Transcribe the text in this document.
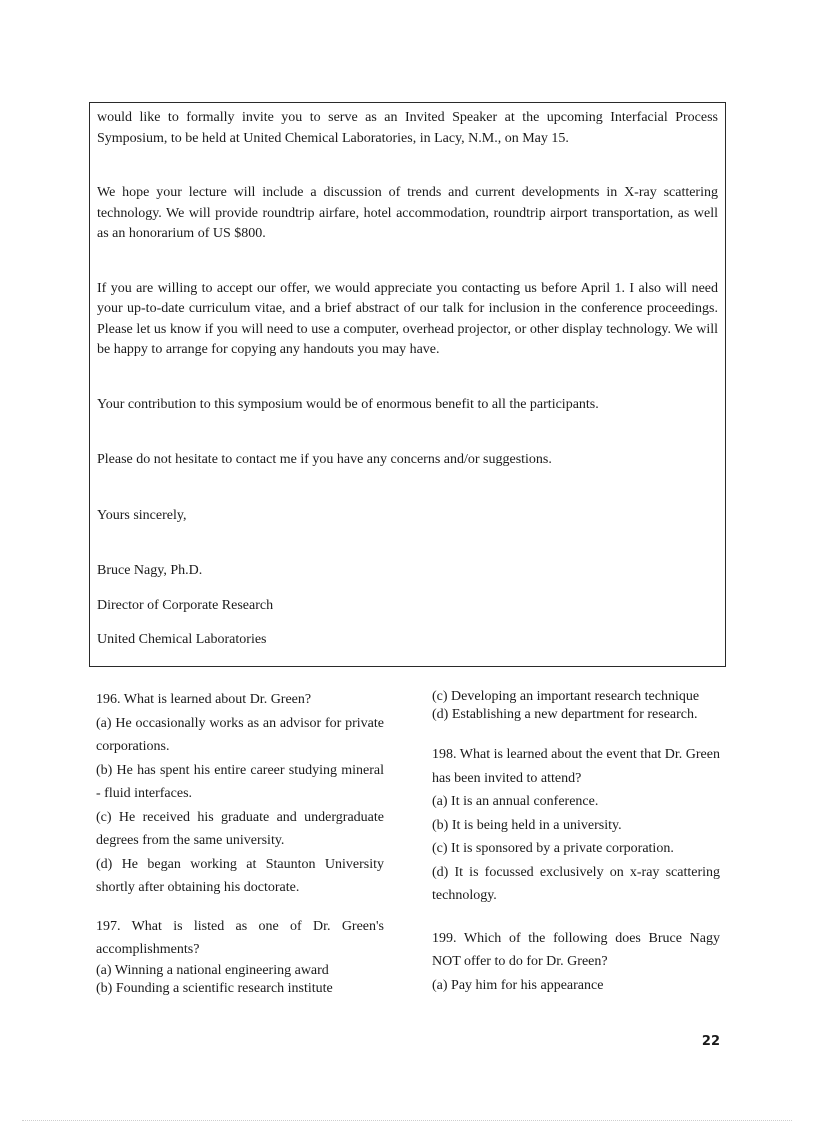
would like to formally invite you to serve as an Invited Speaker at the upcoming Interfacial Process Symposium, to be held at United Chemical Laboratories, in Lacy, N.M., on May 15.

We hope your lecture will include a discussion of trends and current developments in X-ray scattering technology. We will provide roundtrip airfare, hotel accommodation, roundtrip airport transportation, as well as an honorarium of US $800.

If you are willing to accept our offer, we would appreciate you contacting us before April 1. I also will need your up-to-date curriculum vitae, and a brief abstract of our talk for inclusion in the conference proceedings. Please let us know if you will need to use a computer, overhead projector, or other display technology. We will be happy to arrange for copying any handouts you may have.

Your contribution to this symposium would be of enormous benefit to all the participants.

Please do not hesitate to contact me if you have any concerns and/or suggestions.

Yours sincerely,

Bruce Nagy, Ph.D.

Director of Corporate Research

United Chemical Laboratories

196. What is learned about Dr. Green?

(a) He occasionally works as an advisor for private corporations.

(b) He has spent his entire career studying mineral - fluid interfaces.

(c) He received his graduate and undergraduate degrees from the same university.

(d) He began working at Staunton University shortly after obtaining his doctorate.

197. What is listed as one of Dr. Green's accomplishments?

(a) Winning a national engineering award

(b) Founding a scientific research institute

(c) Developing an important research technique

(d) Establishing a new department for research.

198. What is learned about the event that Dr. Green has been invited to attend?

(a) It is an annual conference.

(b) It is being held in a university.

(c) It is sponsored by a private corporation.

(d) It is focussed exclusively on x-ray scattering technology.

199. Which of the following does Bruce Nagy NOT offer to do for Dr. Green?

(a) Pay him for his appearance

22
